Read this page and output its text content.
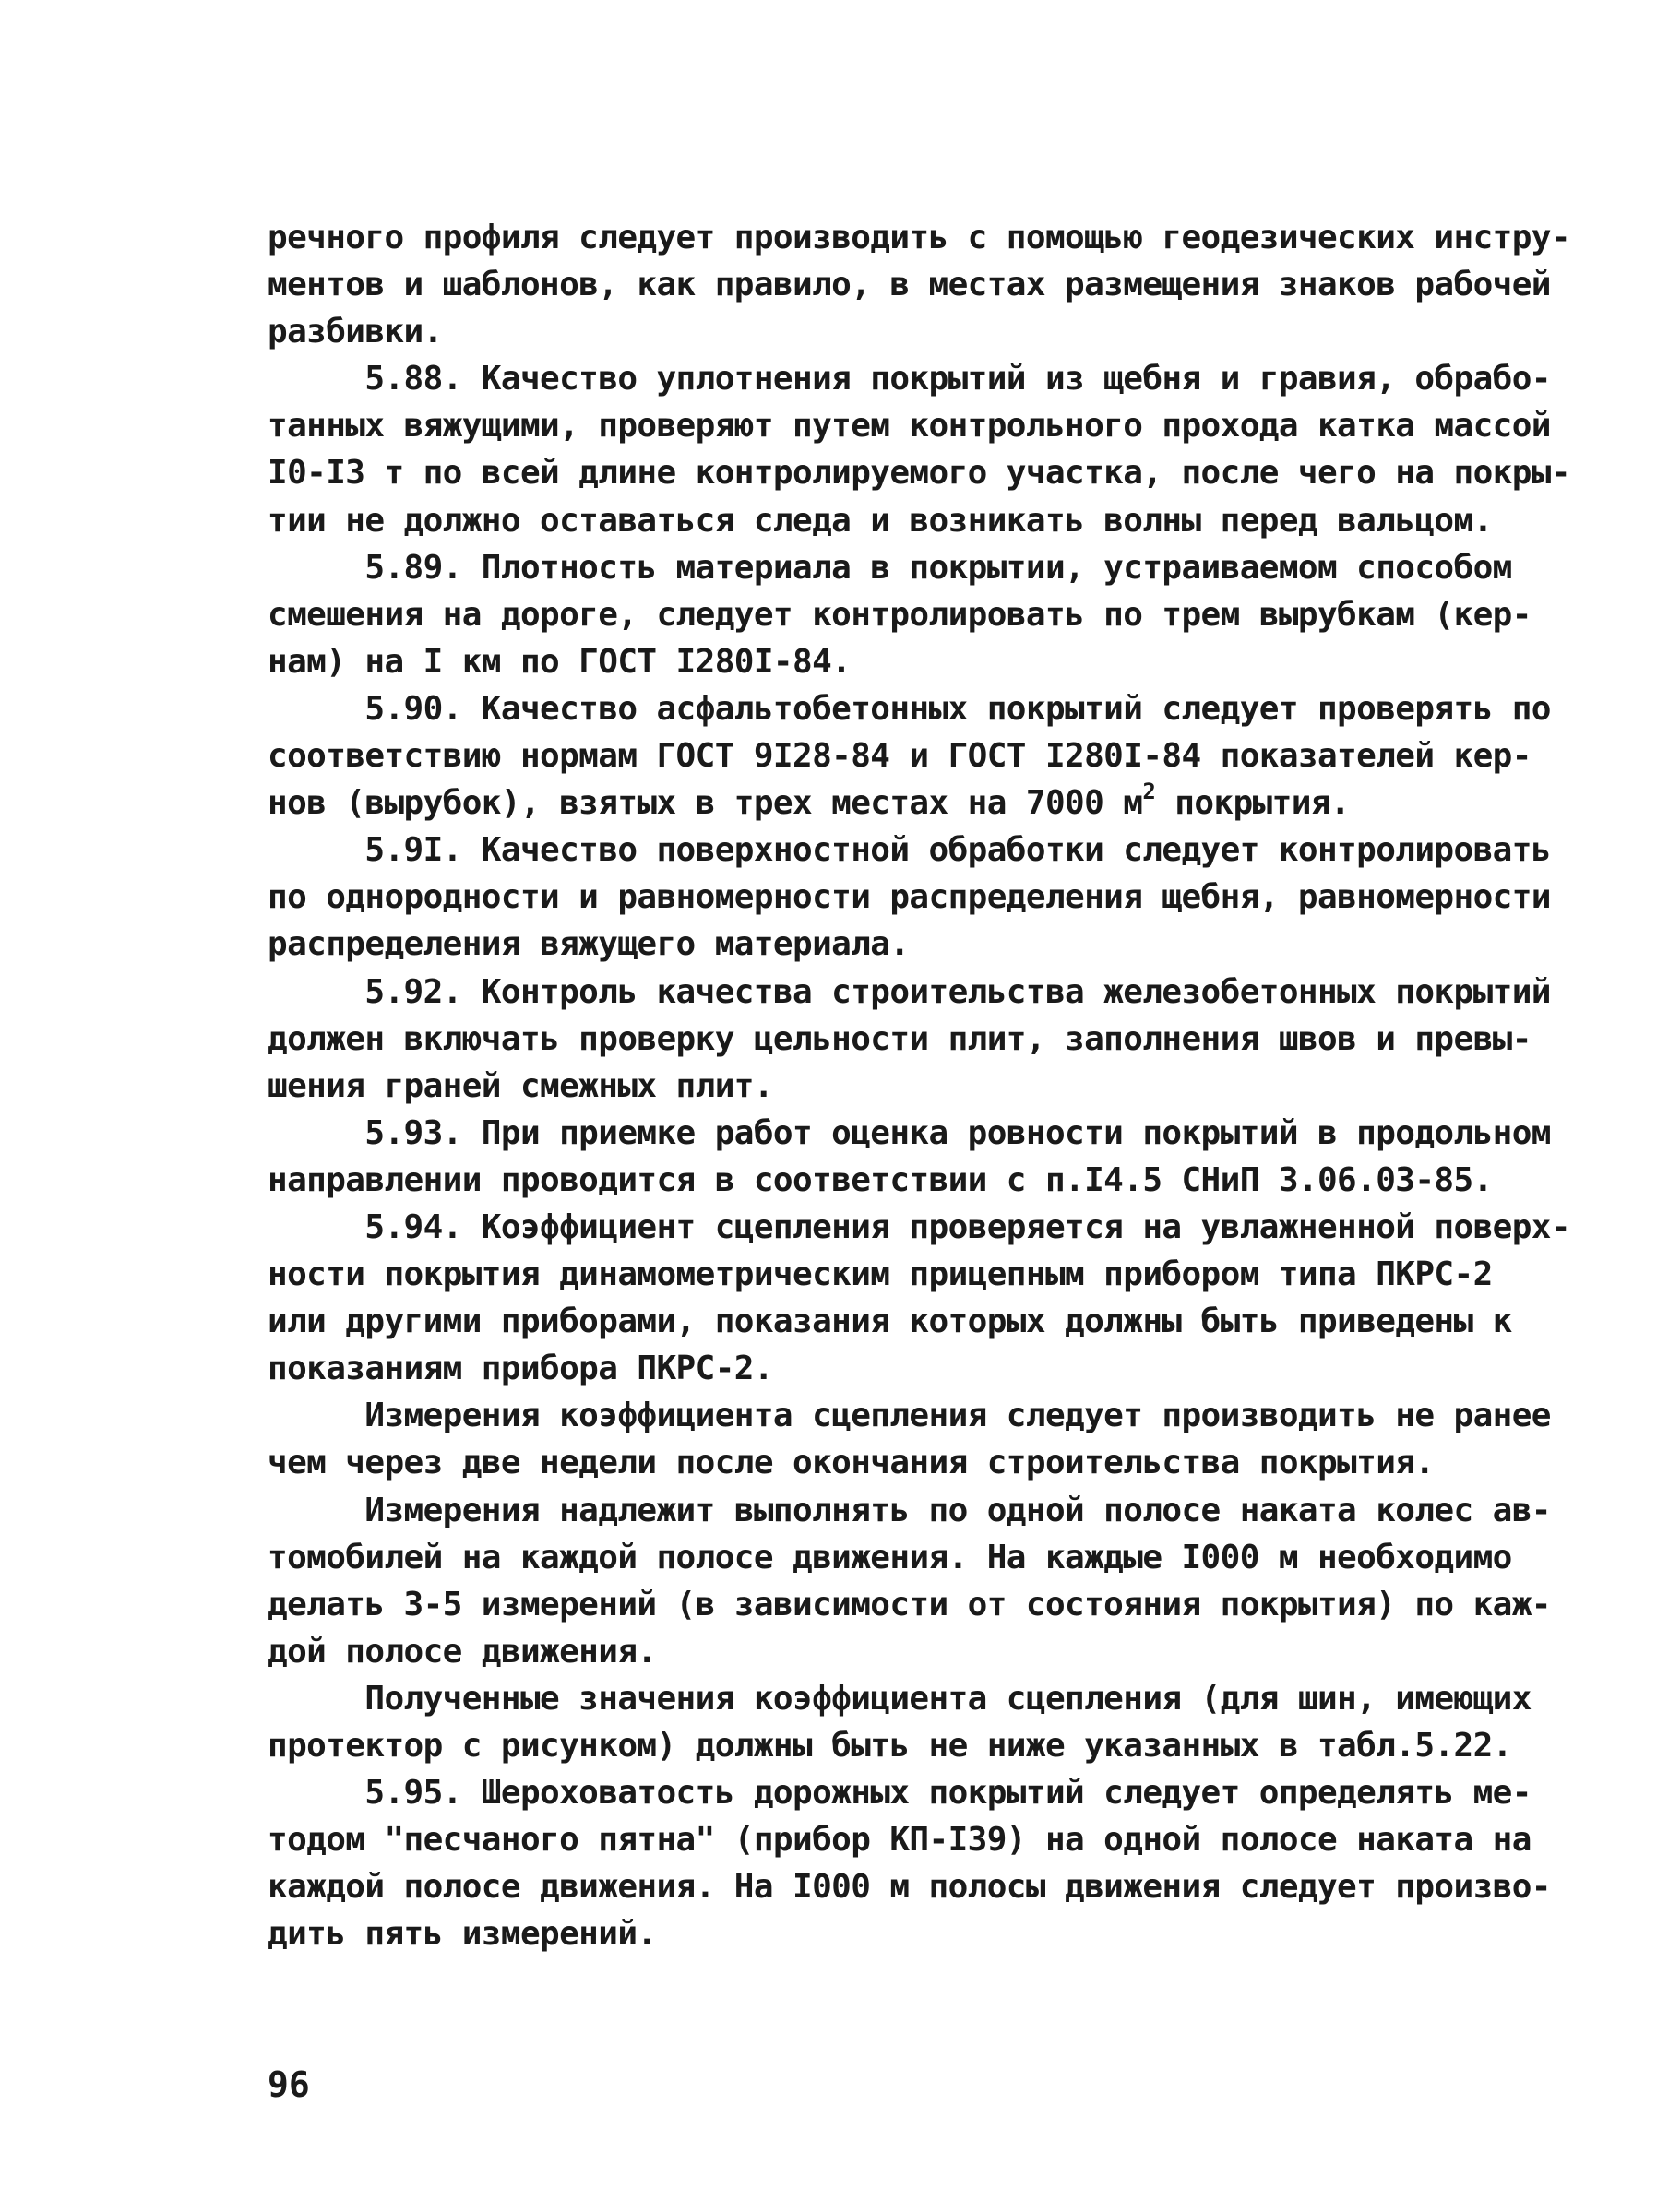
речного профиля следует производить с помощью геодезических инстру-
ментов и шаблонов, как правило, в местах размещения знаков рабочей
разбивки.
5.88. Качество уплотнения покрытий из щебня и гравия, обрабо-
танных вяжущими, проверяют путем контрольного прохода катка массой
I0-I3 т по всей длине контролируемого участка, после чего на покры-
тии не должно оставаться следа и возникать волны перед вальцом.
5.89. Плотность материала в покрытии, устраиваемом способом
смешения на дороге, следует контролировать по трем вырубкам (кер-
нам) на I км по ГОСТ I280I-84.
5.90. Качество асфальтобетонных покрытий следует проверять по
соответствию нормам ГОСТ 9I28-84 и ГОСТ I280I-84 показателей кер-
нов (вырубок), взятых в трех местах на 7000 $м^2$ покрытия.
5.9I. Качество поверхностной обработки следует контролировать
по однородности и равномерности распределения щебня, равномерности
распределения вяжущего материала.
5.92. Контроль качества строительства железобетонных покрытий
должен включать проверку цельности плит, заполнения швов и превы-
шения граней смежных плит.
5.93. При приемке работ оценка ровности покрытий в продольном
направлении проводится в соответствии с п.I4.5 СНиП 3.06.03-85.
5.94. Коэффициент сцепления проверяется на увлажненной поверх-
ности покрытия динамометрическим прицепным прибором типа ПКРС-2
или другими приборами, показания которых должны быть приведены к
показаниям прибора ПКРС-2.
Измерения коэффициента сцепления следует производить не ранее
чем через две недели после окончания строительства покрытия.
Измерения надлежит выполнять по одной полосе наката колес ав-
томобилей на каждой полосе движения. На каждые I000 м необходимо
делать 3-5 измерений (в зависимости от состояния покрытия) по каж-
дой полосе движения.
Полученные значения коэффициента сцепления (для шин, имеющих
протектор с рисунком) должны быть не ниже указанных в табл.5.22.
5.95. Шероховатость дорожных покрытий следует определять ме-
тодом "песчаного пятна" (прибор КП-I39) на одной полосе наката на
каждой полосе движения. На I000 м полосы движения следует произво-
дить пять измерений.
96
